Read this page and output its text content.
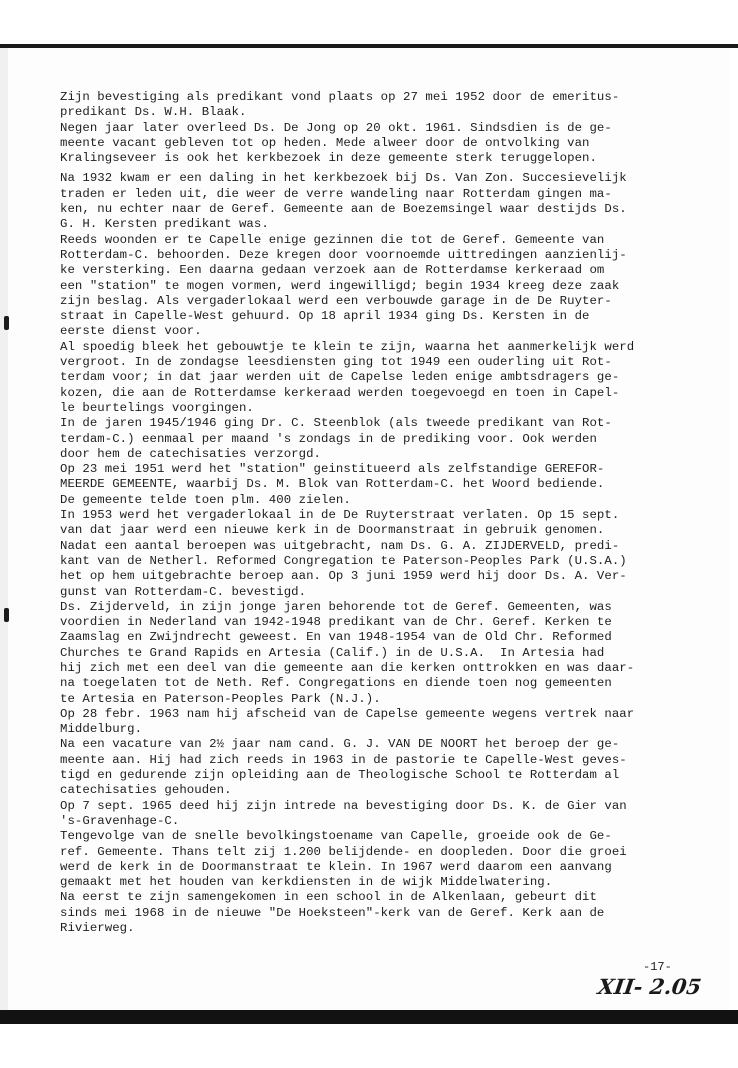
Zijn bevestiging als predikant vond plaats op 27 mei 1952 door de emeritus-
predikant Ds. W.H. Blaak.
Negen jaar later overleed Ds. De Jong op 20 okt. 1961. Sindsdien is de ge-
meente vacant gebleven tot op heden. Mede alweer door de ontvolking van
Kralingseveer is ook het kerkbezoek in deze gemeente sterk teruggelopen.
Na 1932 kwam er een daling in het kerkbezoek bij Ds. Van Zon. Succesievelijk
traden er leden uit, die weer de verre wandeling naar Rotterdam gingen ma-
ken, nu echter naar de Geref. Gemeente aan de Boezemsingel waar destijds Ds.
G. H. Kersten predikant was.
Reeds woonden er te Capelle enige gezinnen die tot de Geref. Gemeente van
Rotterdam-C. behoorden. Deze kregen door voornoemde uittredingen aanzienlij-
ke versterking. Een daarna gedaan verzoek aan de Rotterdamse kerkeraad om
een "station" te mogen vormen, werd ingewilligd; begin 1934 kreeg deze zaak
zijn beslag. Als vergaderlokaal werd een verbouwde garage in de De Ruyter-
straat in Capelle-West gehuurd. Op 18 april 1934 ging Ds. Kersten in de
eerste dienst voor.
Al spoedig bleek het gebouwtje te klein te zijn, waarna het aanmerkelijk werd
vergroot. In de zondagse leesdiensten ging tot 1949 een ouderling uit Rot-
terdam voor; in dat jaar werden uit de Capelse leden enige ambtsdragers ge-
kozen, die aan de Rotterdamse kerkeraad werden toegevoegd en toen in Capel-
le beurtelings voorgingen.
In de jaren 1945/1946 ging Dr. C. Steenblok (als tweede predikant van Rot-
terdam-C.) eenmaal per maand 's zondags in de prediking voor. Ook werden
door hem de catechisaties verzorgd.
Op 23 mei 1951 werd het "station" geinstitueerd als zelfstandige GEREFOR-
MEERDE GEMEENTE, waarbij Ds. M. Blok van Rotterdam-C. het Woord bediende.
De gemeente telde toen plm. 400 zielen.
In 1953 werd het vergaderlokaal in de De Ruyterstraat verlaten. Op 15 sept.
van dat jaar werd een nieuwe kerk in de Doormanstraat in gebruik genomen.
Nadat een aantal beroepen was uitgebracht, nam Ds. G. A. ZIJDERVELD, predi-
kant van de Netherl. Reformed Congregation te Paterson-Peoples Park (U.S.A.)
het op hem uitgebrachte beroep aan. Op 3 juni 1959 werd hij door Ds. A. Ver-
gunst van Rotterdam-C. bevestigd.
Ds. Zijderveld, in zijn jonge jaren behorende tot de Geref. Gemeenten, was
voordien in Nederland van 1942-1948 predikant van de Chr. Geref. Kerken te
Zaamslag en Zwijndrecht geweest. En van 1948-1954 van de Old Chr. Reformed
Churches te Grand Rapids en Artesia (Calif.) in de U.S.A.  In Artesia had
hij zich met een deel van die gemeente aan die kerken onttrokken en was daar-
na toegelaten tot de Neth. Ref. Congregations en diende toen nog gemeenten
te Artesia en Paterson-Peoples Park (N.J.).
Op 28 febr. 1963 nam hij afscheid van de Capelse gemeente wegens vertrek naar
Middelburg.
Na een vacature van 2½ jaar nam cand. G. J. VAN DE NOORT het beroep der ge-
meente aan. Hij had zich reeds in 1963 in de pastorie te Capelle-West geves-
tigd en gedurende zijn opleiding aan de Theologische School te Rotterdam al
catechisaties gehouden.
Op 7 sept. 1965 deed hij zijn intrede na bevestiging door Ds. K. de Gier van
's-Gravenhage-C.
Tengevolge van de snelle bevolkingstoename van Capelle, groeide ook de Ge-
ref. Gemeente. Thans telt zij 1.200 belijdende- en doopleden. Door die groei
werd de kerk in de Doormanstraat te klein. In 1967 werd daarom een aanvang
gemaakt met het houden van kerkdiensten in de wijk Middelwatering.
Na eerst te zijn samengekomen in een school in de Alkenlaan, gebeurt dit
sinds mei 1968 in de nieuwe "De Hoeksteen"-kerk van de Geref. Kerk aan de
Rivierweg.
-17-
XII- 2.05
